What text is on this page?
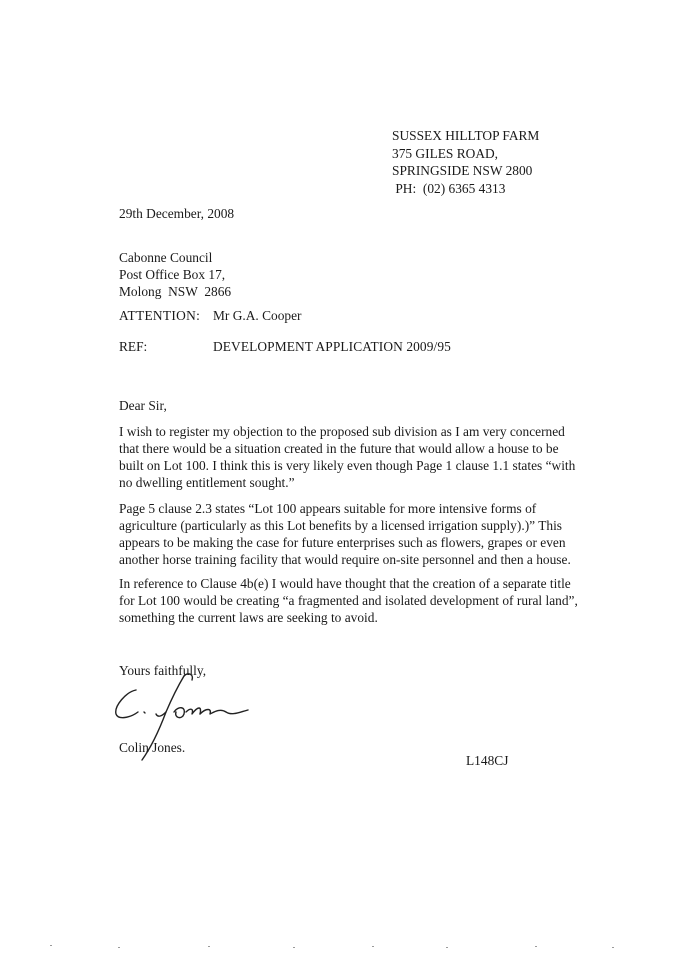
SUSSEX HILLTOP FARM
375 GILES ROAD,
SPRINGSIDE NSW 2800
PH:  (02) 6365 4313
29th December, 2008
Cabonne Council
Post Office Box 17,
Molong  NSW  2866
ATTENTION: Mr G.A. Cooper
REF:	DEVELOPMENT APPLICATION 2009/95
Dear Sir,
I wish to register my objection to the proposed sub division as I am very concerned
that there would be a situation created in the future that would allow a house to be
built on Lot 100. I think this is very likely even though Page 1 clause 1.1 states “with
no dwelling entitlement sought.”
Page 5 clause 2.3 states “Lot 100 appears suitable for more intensive forms of
agriculture (particularly as this Lot benefits by a licensed irrigation supply).)” This
appears to be making the case for future enterprises such as flowers, grapes or even
another horse training facility that would require on-site personnel and then a house.
In reference to Clause 4b(e) I would have thought that the creation of a separate title
for Lot 100 would be creating “a fragmented and isolated development of rural land”,
something the current laws are seeking to avoid.
Yours faithfully,
Colin Jones.
L148CJ
